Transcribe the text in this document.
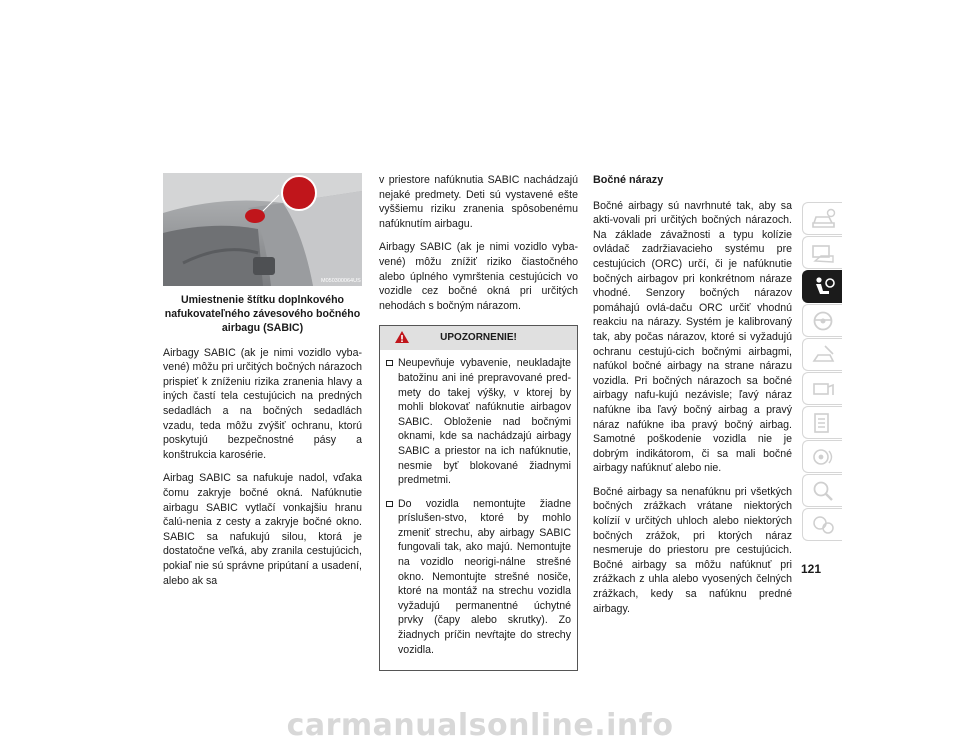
M050300064US
Umiestnenie štítku doplnkového nafukovateľného závesového bočného airbagu (SABIC)

Airbagy SABIC (ak je nimi vozidlo vyba-vené) môžu pri určitých bočných nárazoch prispieť k zníženiu rizika zranenia hlavy a iných častí tela cestujúcich na predných sedadlách a na bočných sedadlách vzadu, teda môžu zvýšiť ochranu, ktorú poskytujú bezpečnostné pásy a konštrukcia karosérie.

Airbag SABIC sa nafukuje nadol, vďaka čomu zakryje bočné okná. Nafúknutie airbagu SABIC vytlačí vonkajšiu hranu čalú-nenia z cesty a zakryje bočné okno. SABIC sa nafukujú silou, ktorá je dostatočne veľká, aby zranila cestujúcich, pokiaľ nie sú správne pripútaní a usadení, alebo ak sa

v priestore nafúknutia SABIC nachádzajú nejaké predmety. Deti sú vystavené ešte vyššiemu riziku zranenia spôsobenému nafúknutím airbagu.

Airbagy SABIC (ak je nimi vozidlo vyba-vené) môžu znížiť riziko čiastočného alebo úplného vymrštenia cestujúcich vo vozidle cez bočné okná pri určitých nehodách s bočným nárazom.

UPOZORNENIE!

Neupevňuje vybavenie, neukladajte batožinu ani iné prepravované pred-mety do takej výšky, v ktorej by mohli blokovať nafúknutie airbagov SABIC. Obloženie nad bočnými oknami, kde sa nachádzajú airbagy SABIC a priestor na ich nafúknutie, nesmie byť blokované žiadnymi predmetmi.

Do vozidla nemontujte žiadne príslušen-stvo, ktoré by mohlo zmeniť strechu, aby airbagy SABIC fungovali tak, ako majú. Nemontujte na vozidlo neorigi-nálne strešné okno. Nemontujte strešné nosiče, ktoré na montáž na strechu vozidla vyžadujú permanentné úchytné prvky (čapy alebo skrutky). Zo žiadnych príčin nevŕtajte do strechy vozidla.

Bočné nárazy

Bočné airbagy sú navrhnuté tak, aby sa akti-vovali pri určitých bočných nárazoch. Na základe závažnosti a typu kolízie ovládač zadržiavacieho systému pre cestujúcich (ORC) určí, či je nafúknutie bočných airbagov pri konkrétnom náraze vhodné. Senzory bočných nárazov pomáhajú ovlá-daču ORC určiť vhodnú reakciu na nárazy. Systém je kalibrovaný tak, aby počas nárazov, ktoré si vyžadujú ochranu cestujú-cich bočnými airbagmi, nafúkol bočné airbagy na strane nárazu vozidla. Pri bočných nárazoch sa bočné airbagy nafu-kujú nezávisle; ľavý náraz nafúkne iba ľavý bočný airbag a pravý náraz nafúkne iba pravý bočný airbag. Samotné poškodenie vozidla nie je dobrým indikátorom, či sa mali bočné airbagy nafúknuť alebo nie.

Bočné airbagy sa nenafúknu pri všetkých bočných zrážkach vrátane niektorých kolízií v určitých uhloch alebo niektorých bočných zrážok, pri ktorých náraz nesmeruje do priestoru pre cestujúcich. Bočné airbagy sa môžu nafúknuť pri zrážkach z uhla alebo vyosených čelných zrážkach, kedy sa nafúknu predné airbagy.

121
carmanualsonline.info
